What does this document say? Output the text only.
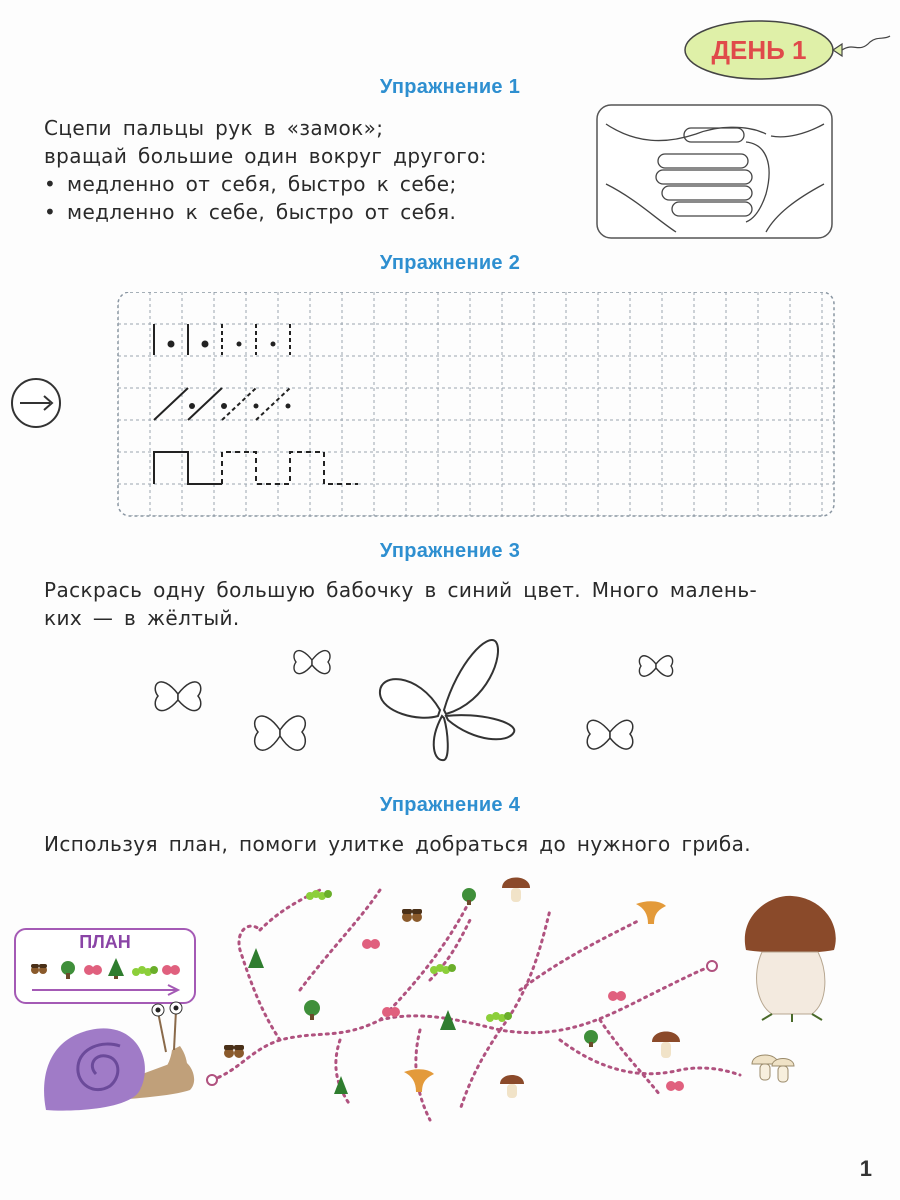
ДЕНЬ 1
Упражнение 1
Сцепи пальцы рук в «замок»;
вращай большие один вокруг другого:
• медленно от себя, быстро к себе;
• медленно к себе, быстро от себя.
Упражнение 2
Упражнение 3
Раскрась одну большую бабочку в синий цвет. Много малень-
ких — в жёлтый.
Упражнение 4
Используя план, помоги улитке добраться до нужного гриба.
ПЛАН
1
